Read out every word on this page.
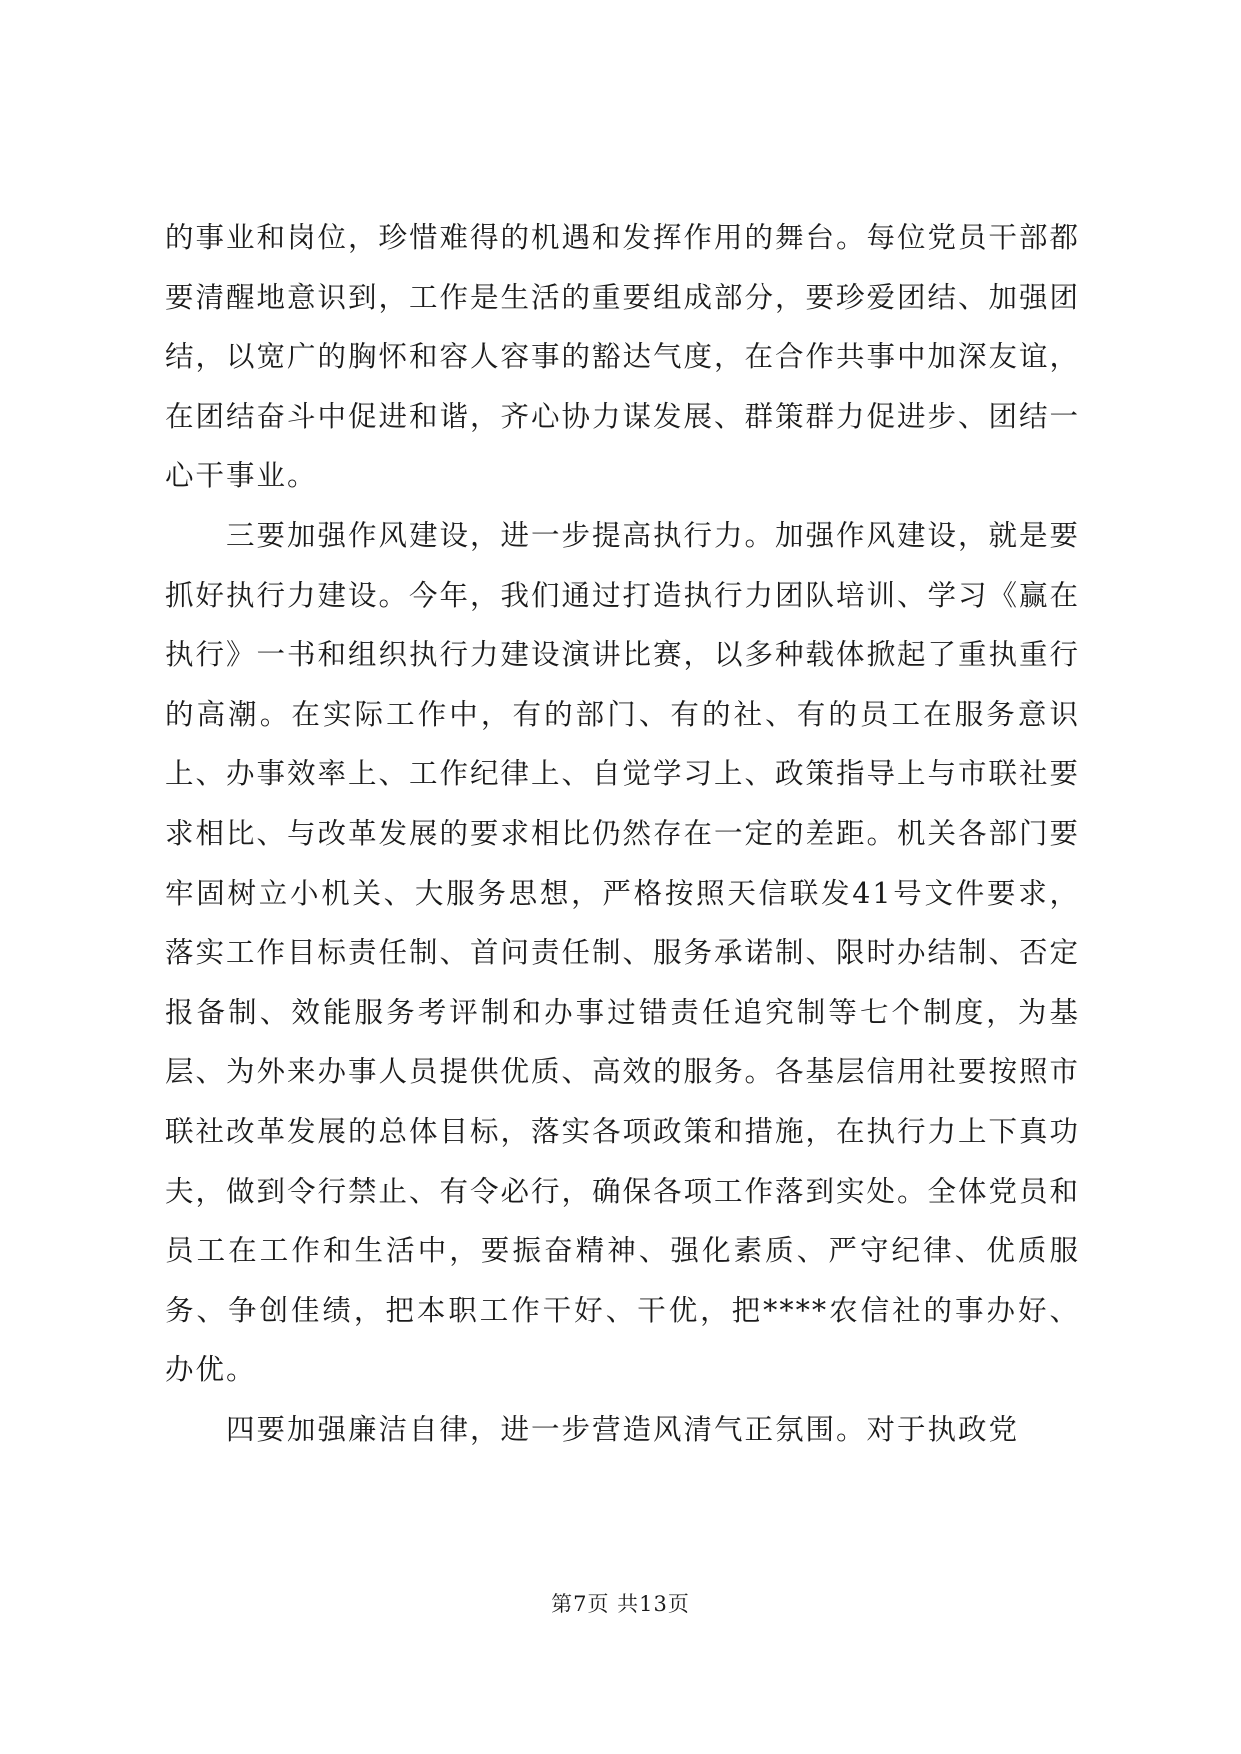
的事业和岗位，珍惜难得的机遇和发挥作用的舞台。每位党员干部都要清醒地意识到，工作是生活的重要组成部分，要珍爱团结、加强团结，以宽广的胸怀和容人容事的豁达气度，在合作共事中加深友谊，在团结奋斗中促进和谐，齐心协力谋发展、群策群力促进步、团结一心干事业。

三要加强作风建设，进一步提高执行力。加强作风建设，就是要抓好执行力建设。今年，我们通过打造执行力团队培训、学习《赢在执行》一书和组织执行力建设演讲比赛，以多种载体掀起了重执重行的高潮。在实际工作中，有的部门、有的社、有的员工在服务意识上、办事效率上、工作纪律上、自觉学习上、政策指导上与市联社要求相比、与改革发展的要求相比仍然存在一定的差距。机关各部门要牢固树立小机关、大服务思想，严格按照天信联发41号文件要求，落实工作目标责任制、首问责任制、服务承诺制、限时办结制、否定报备制、效能服务考评制和办事过错责任追究制等七个制度，为基层、为外来办事人员提供优质、高效的服务。各基层信用社要按照市联社改革发展的总体目标，落实各项政策和措施，在执行力上下真功夫，做到令行禁止、有令必行，确保各项工作落到实处。全体党员和员工在工作和生活中，要振奋精神、强化素质、严守纪律、优质服务、争创佳绩，把本职工作干好、干优，把****农信社的事办好、办优。

四要加强廉洁自律，进一步营造风清气正氛围。对于执政党

第7页 共13页
